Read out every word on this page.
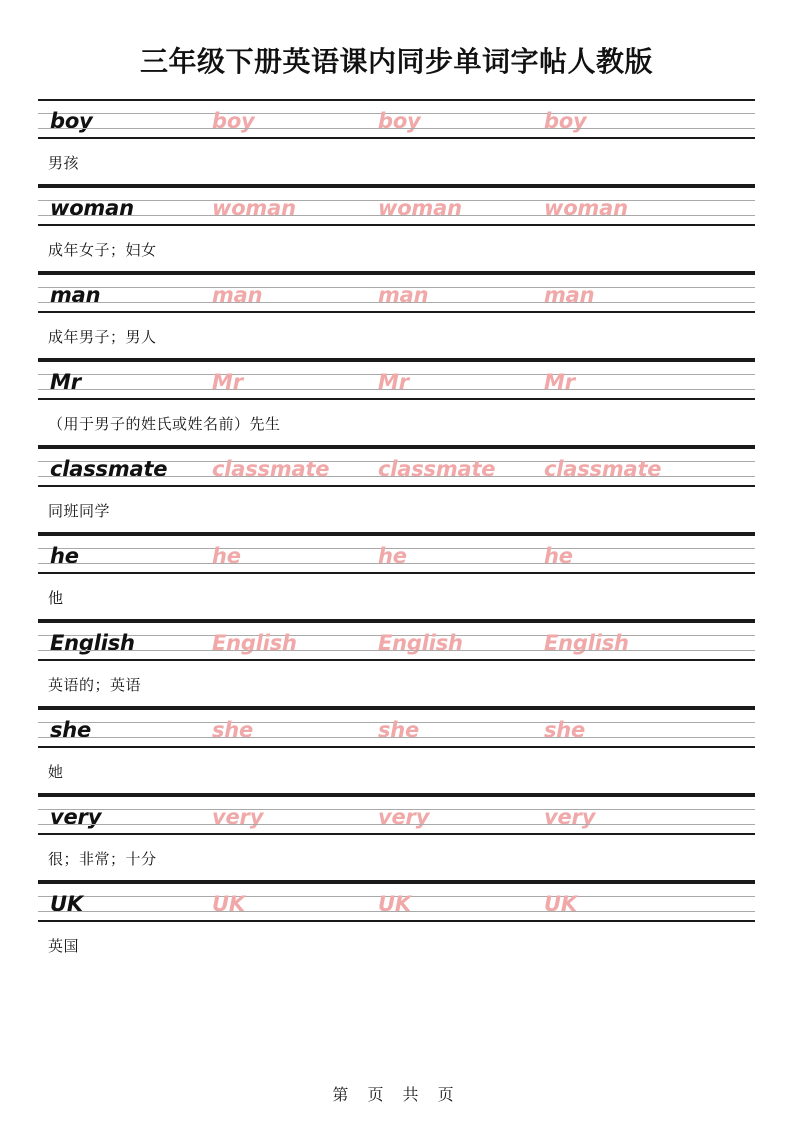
三年级下册英语课内同步单词字帖人教版
boy	boy	boy	boy
男孩
woman	woman	woman	woman
成年女子；妇女
man	man	man	man
成年男子；男人
Mr	Mr	Mr	Mr
（用于男子的姓氏或姓名前）先生
classmate classmate classmate classmate
同班同学
he	he	he	he
他
English	English	English	English
英语的；英语
she	she	she	she
她
very	very	very	very
很；非常；十分
UK	UK	UK	UK
英国
第 页 共 页
